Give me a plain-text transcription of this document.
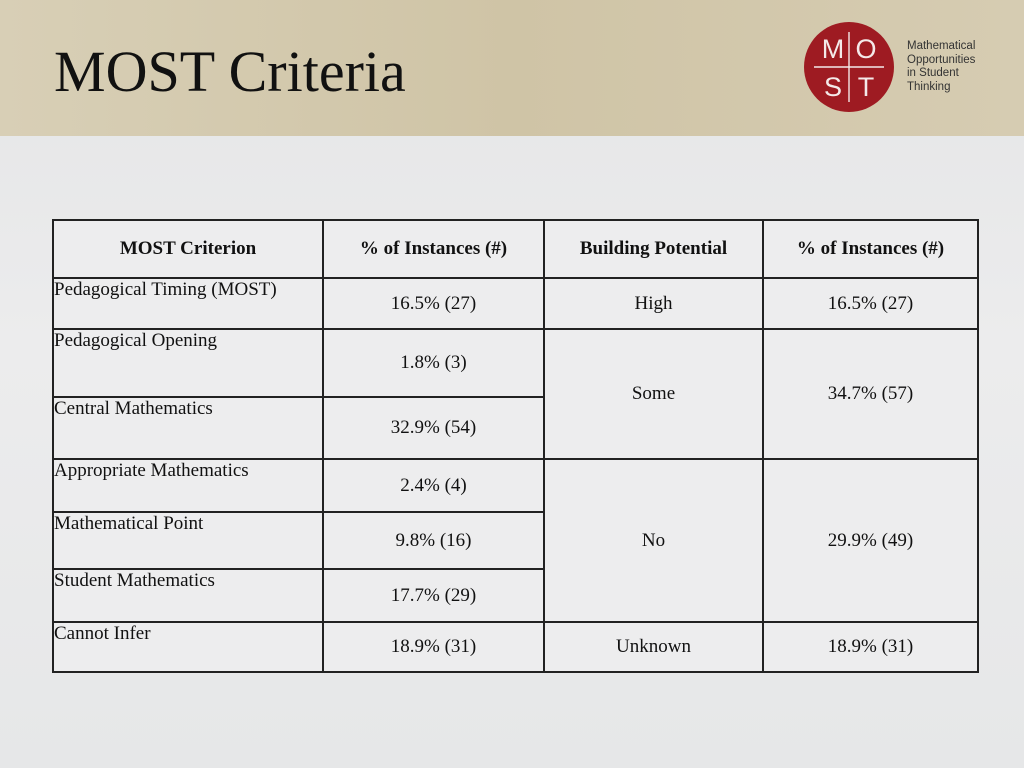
MOST Criteria	M O
S T
Mathematical
Opportunities
in Student
Thinking
MOST Criterion	% of Instances (#)	Building Potential	% of Instances (#)
Pedagogical Timing (MOST)	16.5% (27)	High	16.5% (27)
Pedagogical Opening	1.8% (3)	Some	34.7% (57)
Central Mathematics	32.9% (54)		
Appropriate Mathematics	2.4% (4)	No	29.9% (49)
Mathematical Point	9.8% (16)		
Student Mathematics	17.7% (29)		
Cannot Infer	18.9% (31)	Unknown	18.9% (31)
